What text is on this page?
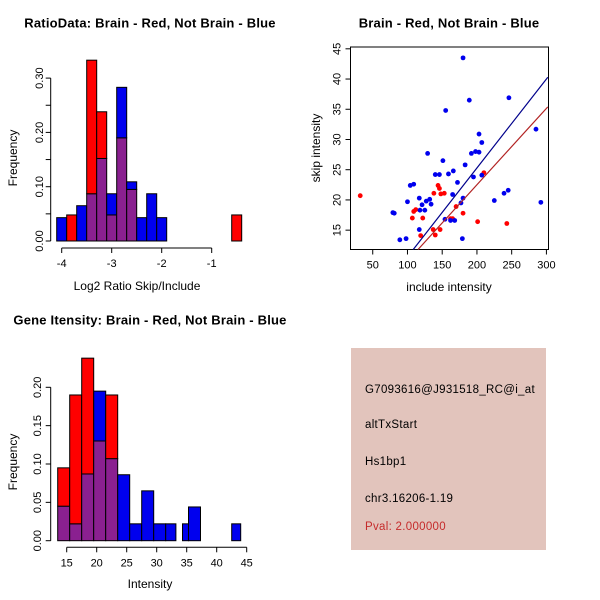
0.00
0.10
0.20
0.30
-4	-3	-2	-1	50 100 150 200 250 300
15
20
25
30
35
40
45
0.00
0.05
0.10
0.15
0.20
15 20 25 30 35 40 45
RatioData: Brain - Red, Not Brain - Blue	Brain - Red, Not Brain - Blue
Gene Itensity: Brain - Red, Not Brain - Blue
Log2 Ratio Skip/Include
Frequency
include intensity
skip intensity
Intensity
Frequency
G7093616@J931518_RC@i_at
altTxStart
Hs1bp1
chr3.16206-1.19
Pval: 2.000000
